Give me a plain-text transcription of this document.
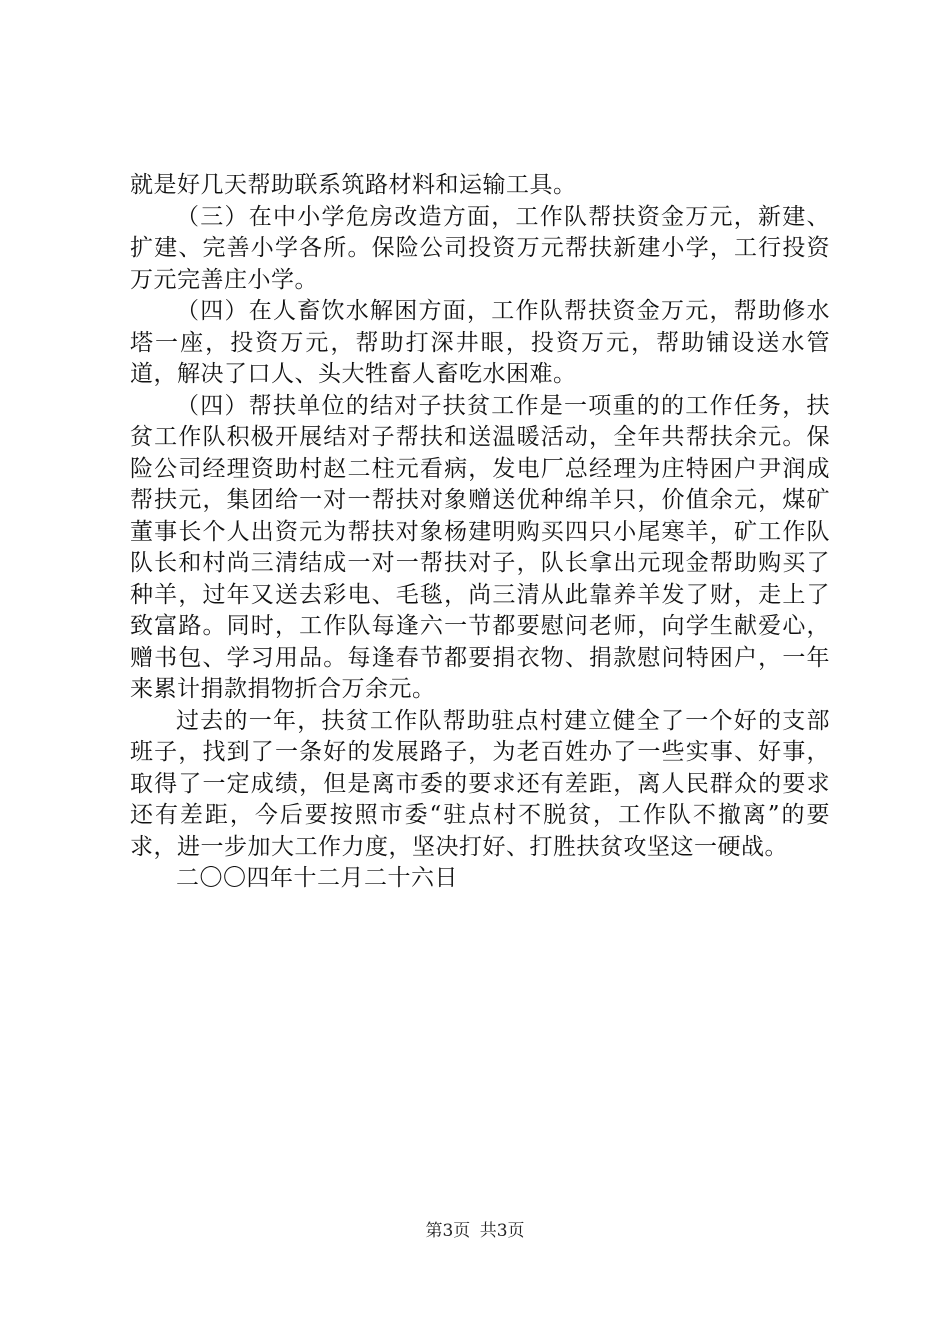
就是好几天帮助联系筑路材料和运输工具。

（三）在中小学危房改造方面，工作队帮扶资金万元，新建、扩建、完善小学各所。保险公司投资万元帮扶新建小学，工行投资万元完善庄小学。

（四）在人畜饮水解困方面，工作队帮扶资金万元，帮助修水塔一座，投资万元，帮助打深井眼，投资万元，帮助铺设送水管道，解决了口人、头大牲畜人畜吃水困难。

（四）帮扶单位的结对子扶贫工作是一项重的的工作任务，扶贫工作队积极开展结对子帮扶和送温暖活动，全年共帮扶余元。保险公司经理资助村赵二柱元看病，发电厂总经理为庄特困户尹润成帮扶元，集团给一对一帮扶对象赠送优种绵羊只，价值余元，煤矿董事长个人出资元为帮扶对象杨建明购买四只小尾寒羊，矿工作队队长和村尚三清结成一对一帮扶对子，队长拿出元现金帮助购买了种羊，过年又送去彩电、毛毯，尚三清从此靠养羊发了财，走上了致富路。同时，工作队每逢六一节都要慰问老师，向学生献爱心，赠书包、学习用品。每逢春节都要捐衣物、捐款慰问特困户，一年来累计捐款捐物折合万余元。

过去的一年，扶贫工作队帮助驻点村建立健全了一个好的支部班子，找到了一条好的发展路子，为老百姓办了一些实事、好事，取得了一定成绩，但是离市委的要求还有差距，离人民群众的要求还有差距，今后要按照市委“驻点村不脱贫，工作队不撤离”的要求，进一步加大工作力度，坚决打好、打胜扶贫攻坚这一硬战。

二〇〇四年十二月二十六日

第3页 共3页
